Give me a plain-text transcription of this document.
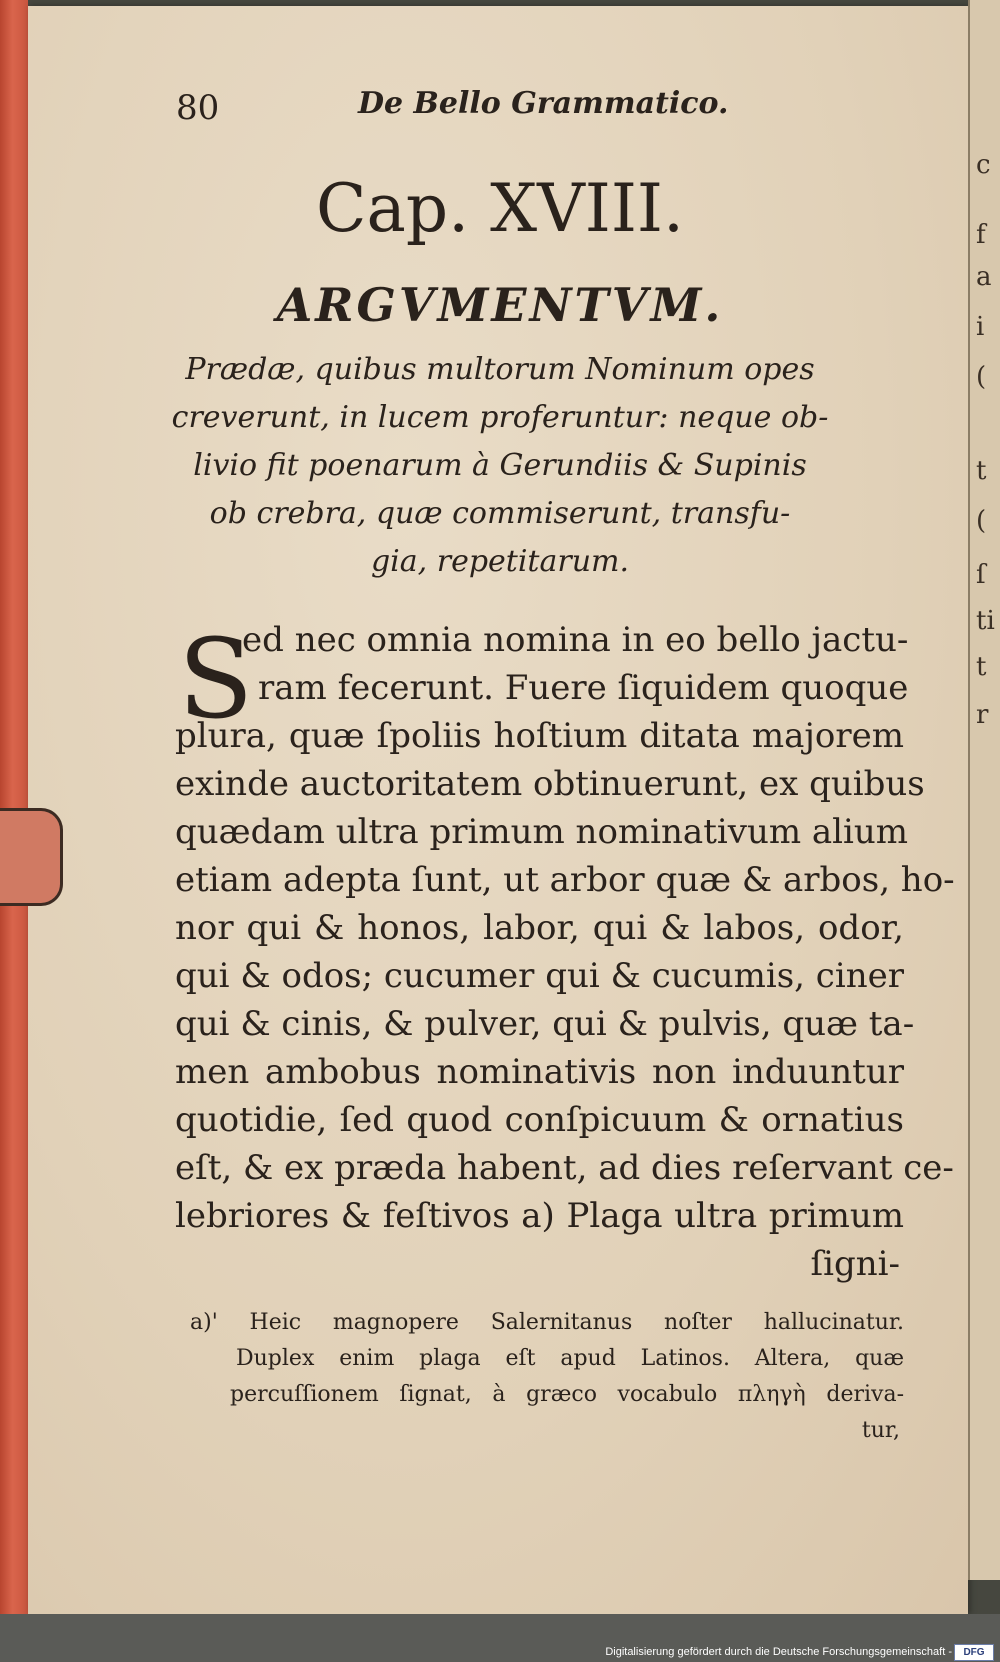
c
f
a
i
(
t
(
ſ
ti
t
r
80	De Bello Grammatico.
Cap. XVIII.
ARGVMENTVM.
Prædæ, quibus multorum Nominum opes
creverunt, in lucem proferuntur: neque ob-
livio fit poenarum à Gerundiis & Supinis
ob crebra, quæ commiserunt, transfu-
gia, repetitarum.
S
ed nec omnia nomina in eo bello jactu-
ram fecerunt. Fuere ſiquidem quoque
plura, quæ ſpoliis hoſtium ditata majorem
exinde auctoritatem obtinuerunt, ex quibus
quædam ultra primum nominativum alium
etiam adepta ſunt, ut arbor quæ & arbos, ho-
nor qui & honos, labor, qui & labos, odor,
qui & odos; cucumer qui & cucumis, ciner
qui & cinis, & pulver, qui & pulvis, quæ ta-
men ambobus nominativis non induuntur
quotidie, ſed quod conſpicuum & ornatius
eſt, & ex præda habent, ad dies reſervant ce-
lebriores & feſtivos a) Plaga ultra primum
ſigni-
a)' Heic magnopere Salernitanus noſter hallucinatur.
Duplex enim plaga eſt apud Latinos. Altera, quæ
percuſſionem ſignat, à græco vocabulo πληγὴ deriva-
tur,
Digitalisierung gefördert durch die Deutsche Forschungsgemeinschaft -	DFG
